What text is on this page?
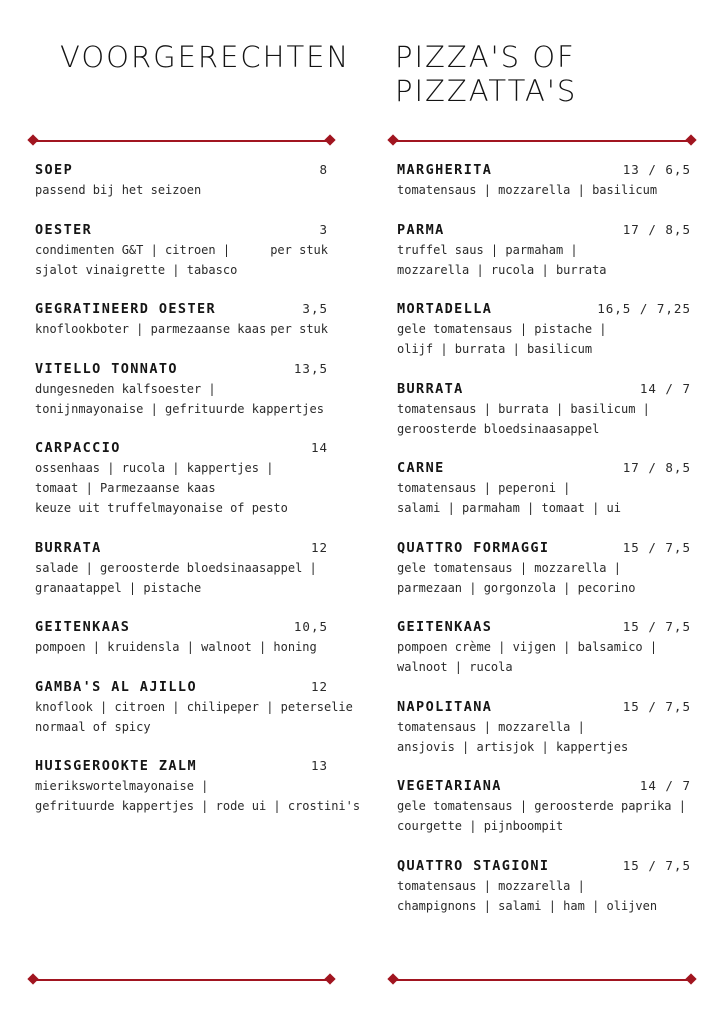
VOORGERECHTEN PIZZA'S OF PIZZATTA'S
SOEP	8
passend bij het seizoen
OESTER	3
condimenten G&T | citroen |	per stuk
sjalot vinaigrette | tabasco
GEGRATINEERD OESTER	3,5
knoflookboter | parmezaanse kaas per stuk
VITELLO TONNATO	13,5
dungesneden kalfsoester |
tonijnmayonaise | gefrituurde kappertjes
CARPACCIO	14
ossenhaas | rucola | kappertjes |
tomaat | Parmezaanse kaas
keuze uit truffelmayonaise of pesto
BURRATA	12
salade | geroosterde bloedsinaasappel |
granaatappel | pistache
GEITENKAAS	10,5
pompoen | kruidensla | walnoot | honing
GAMBA'S AL AJILLO	12
knoflook | citroen | chilipeper | peterselie
normaal of spicy
HUISGEROOKTE ZALM	13
mierikswortelmayonaise |
gefrituurde kappertjes | rode ui | crostini's
MARGHERITA	13 / 6,5
tomatensaus | mozzarella | basilicum
PARMA	17 / 8,5
truffel saus | parmaham |
mozzarella | rucola | burrata
MORTADELLA	16,5 / 7,25
gele tomatensaus | pistache |
olijf | burrata | basilicum
BURRATA	14 / 7
tomatensaus | burrata | basilicum |
geroosterde bloedsinaasappel
CARNE	17 / 8,5
tomatensaus | peperoni |
salami | parmaham | tomaat | ui
QUATTRO FORMAGGI	15 / 7,5
gele tomatensaus | mozzarella |
parmezaan | gorgonzola | pecorino
GEITENKAAS	15 / 7,5
pompoen crème | vijgen | balsamico |
walnoot | rucola
NAPOLITANA	15 / 7,5
tomatensaus | mozzarella |
ansjovis | artisjok | kappertjes
VEGETARIANA	14 / 7
gele tomatensaus | geroosterde paprika |
courgette | pijnboompit
QUATTRO STAGIONI	15 / 7,5
tomatensaus | mozzarella |
champignons | salami | ham | olijven
